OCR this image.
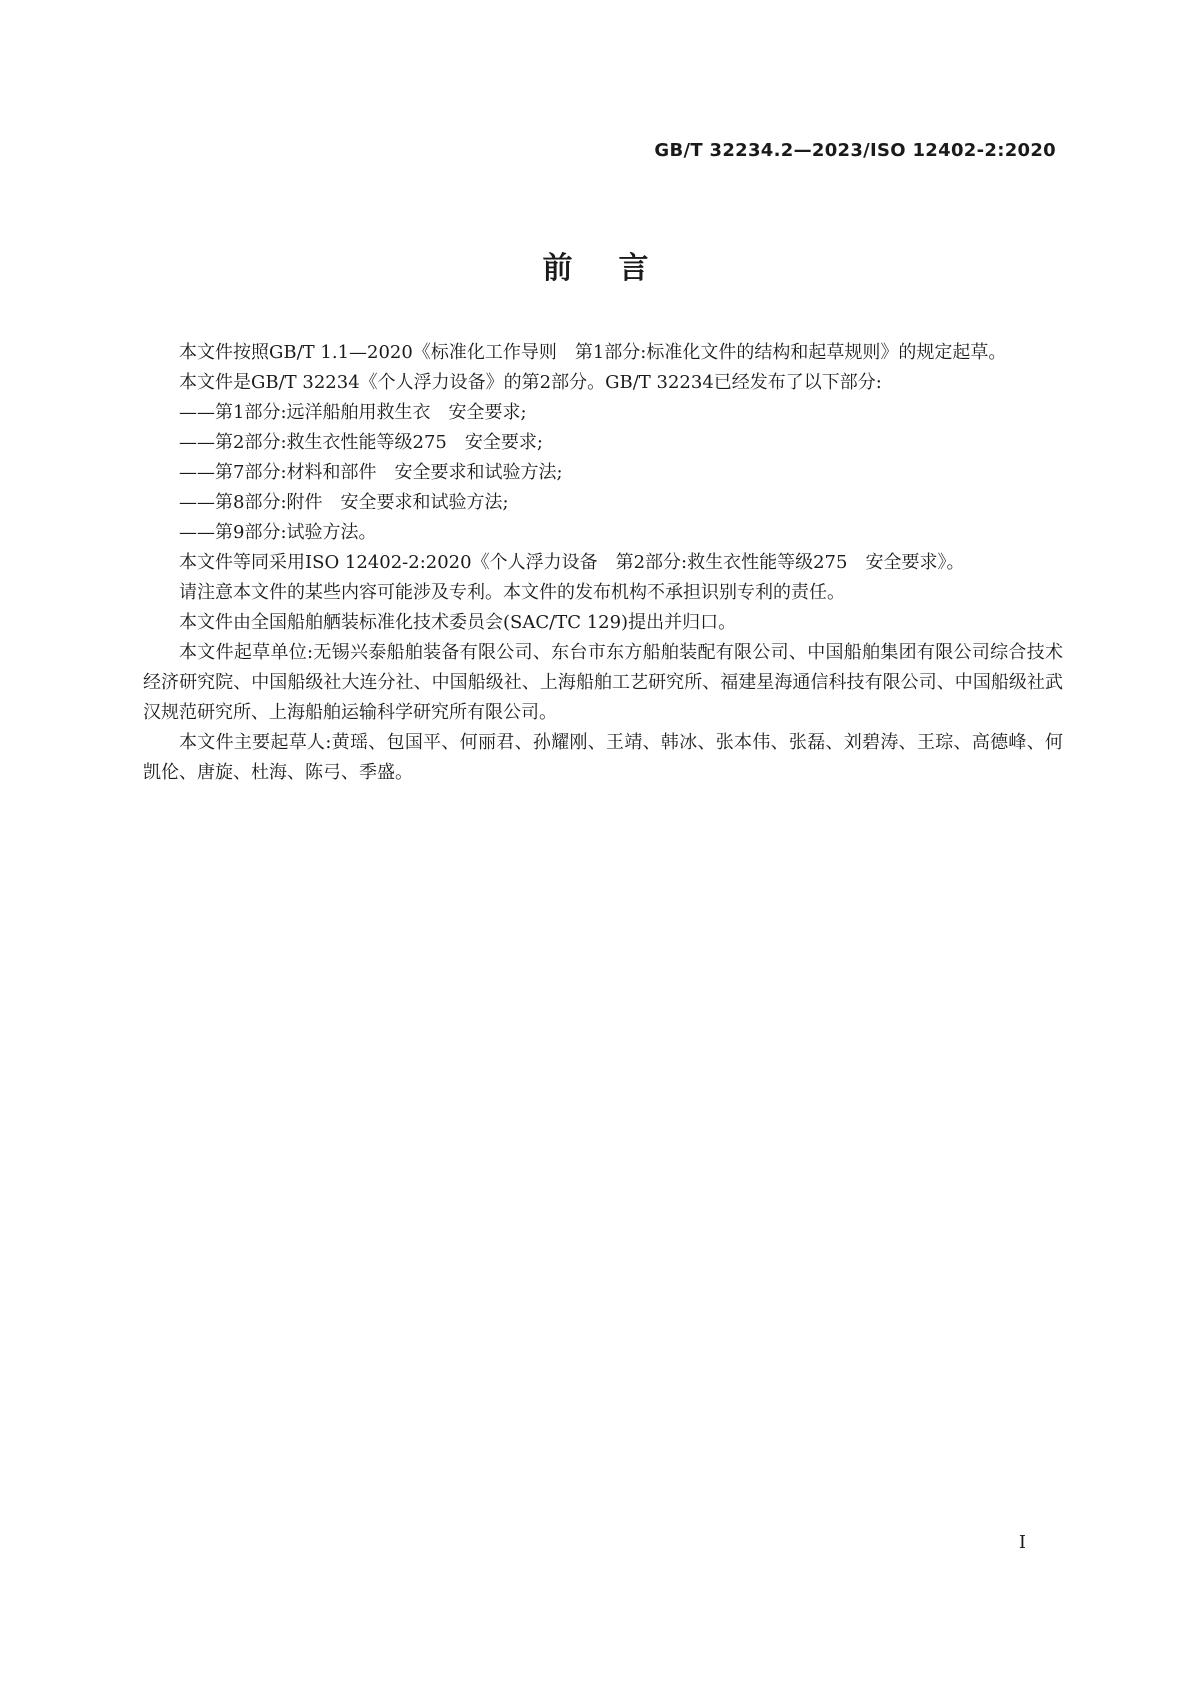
GB/T 32234.2—2023/ISO 12402-2:2020
前言

本文件按照GB/T 1.1—2020《标准化工作导则　第1部分:标准化文件的结构和起草规则》的规定起草。

本文件是GB/T 32234《个人浮力设备》的第2部分。GB/T 32234已经发布了以下部分:

——第1部分:远洋船舶用救生衣　安全要求;

——第2部分:救生衣性能等级275　安全要求;

——第7部分:材料和部件　安全要求和试验方法;

——第8部分:附件　安全要求和试验方法;

——第9部分:试验方法。

本文件等同采用ISO 12402-2:2020《个人浮力设备　第2部分:救生衣性能等级275　安全要求》。

请注意本文件的某些内容可能涉及专利。本文件的发布机构不承担识别专利的责任。

本文件由全国船舶舾装标准化技术委员会(SAC/TC 129)提出并归口。

本文件起草单位:无锡兴泰船舶装备有限公司、东台市东方船舶装配有限公司、中国船舶集团有限公司综合技术经济研究院、中国船级社大连分社、中国船级社、上海船舶工艺研究所、福建星海通信科技有限公司、中国船级社武汉规范研究所、上海船舶运输科学研究所有限公司。

本文件主要起草人:黄瑶、包国平、何丽君、孙耀刚、王靖、韩冰、张本伟、张磊、刘碧涛、王琮、高德峰、何凯伦、唐旋、杜海、陈弓、季盛。

I
